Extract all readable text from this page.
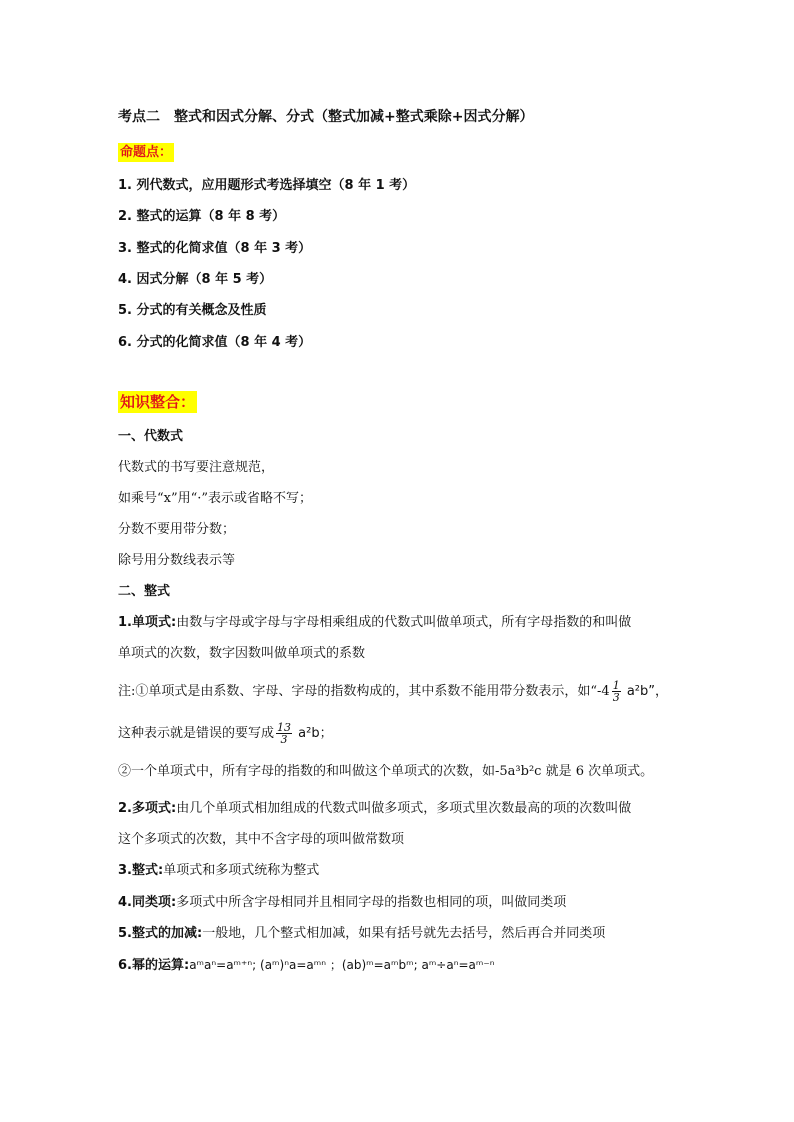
考点二　整式和因式分解、分式（整式加减+整式乘除+因式分解）
命题点：
1. 列代数式，应用题形式考选择填空（8 年 1 考）
2. 整式的运算（8 年 8 考）
3. 整式的化简求值（8 年 3 考）
4. 因式分解（8 年 5 考）
5. 分式的有关概念及性质
6. 分式的化简求值（8 年 4 考）
知识整合：
一、代数式
代数式的书写要注意规范，
如乘号“x”用“·”表示或省略不写；
分数不要用带分数；
除号用分数线表示等
二、整式
1.单项式:由数与字母或字母与字母相乘组成的代数式叫做单项式，所有字母指数的和叫做
单项式的次数，数字因数叫做单项式的系数
注:①单项式是由系数、字母、字母的指数构成的，其中系数不能用带分数表示，如“$-4 \frac{1}{3} a^2b$”，
这种表示就是错误的要写成 $\frac{13}{3} a^2b$；
②一个单项式中，所有字母的指数的和叫做这个单项式的次数，如-5a³b²c 就是 6 次单项式。
2.多项式:由几个单项式相加组成的代数式叫做多项式，多项式里次数最高的项的次数叫做
这个多项式的次数，其中不含字母的项叫做常数项
3.整式:单项式和多项式统称为整式
4.同类项:多项式中所含字母相同并且相同字母的指数也相同的项，叫做同类项
5.整式的加减:一般地，几个整式相加减，如果有括号就先去括号，然后再合并同类项
6.幂的运算:aᵐaⁿ=aᵐ⁺ⁿ; (aᵐ)ⁿa=aᵐⁿ ；(ab)ᵐ=aᵐbᵐ; aᵐ÷aⁿ=aᵐ⁻ⁿ
